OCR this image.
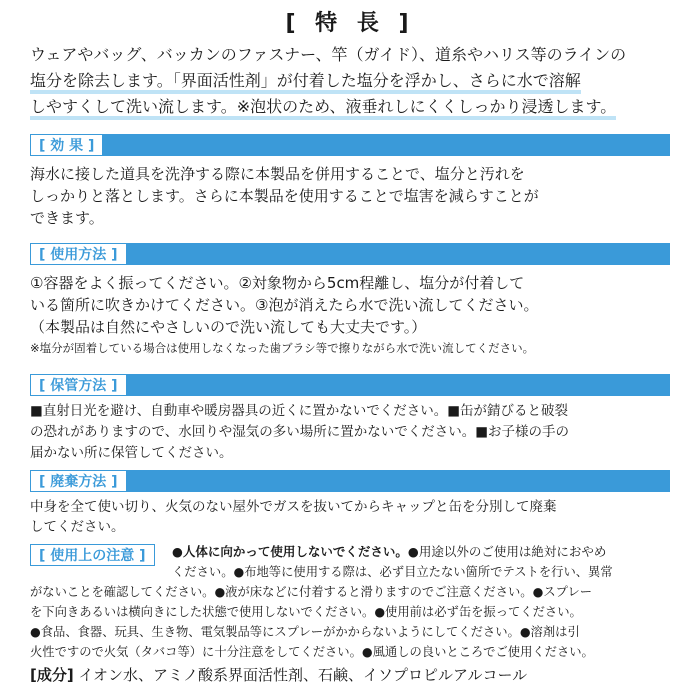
[ 特 長 ]
ウェアやバッグ、バッカンのファスナー、竿（ガイド）、道糸やハリス等のラインの
塩分を除去します。「界面活性剤」が付着した塩分を浮かし、さらに水で溶解
しやすくして洗い流します。※泡状のため、液垂れしにくくしっかり浸透します。
[ 効 果 ]
海水に接した道具を洗浄する際に本製品を併用することで、塩分と汚れを
しっかりと落とします。さらに本製品を使用することで塩害を減らすことが
できます。
[ 使用方法 ]
①容器をよく振ってください。②対象物から5cm程離し、塩分が付着して
いる箇所に吹きかけてください。③泡が消えたら水で洗い流してください。
（本製品は自然にやさしいので洗い流しても大丈夫です。）
※塩分が固着している場合は使用しなくなった歯ブラシ等で擦りながら水で洗い流してください。
[ 保管方法 ]
■直射日光を避け、自動車や暖房器具の近くに置かないでください。■缶が錆びると破裂
の恐れがありますので、水回りや湿気の多い場所に置かないでください。■お子様の手の
届かない所に保管してください。
[ 廃棄方法 ]
中身を全て使い切り、火気のない屋外でガスを抜いてからキャップと缶を分別して廃棄
してください。
[ 使用上の注意 ]	●人体に向かって使用しないでください。●用途以外のご使用は絶対におやめ
ください。●布地等に使用する際は、必ず目立たない箇所でテストを行い、異常
がないことを確認してください。●液が床などに付着すると滑りますのでご注意ください。●スプレー
を下向きあるいは横向きにした状態で使用しないでください。●使用前は必ず缶を振ってください。
●食品、食器、玩具、生き物、電気製品等にスプレーがかからないようにしてください。●溶剤は引
火性ですので火気（タバコ等）に十分注意をしてください。●風通しの良いところでご使用ください。
[成分] イオン水、アミノ酸系界面活性剤、石鹸、イソプロピルアルコール
